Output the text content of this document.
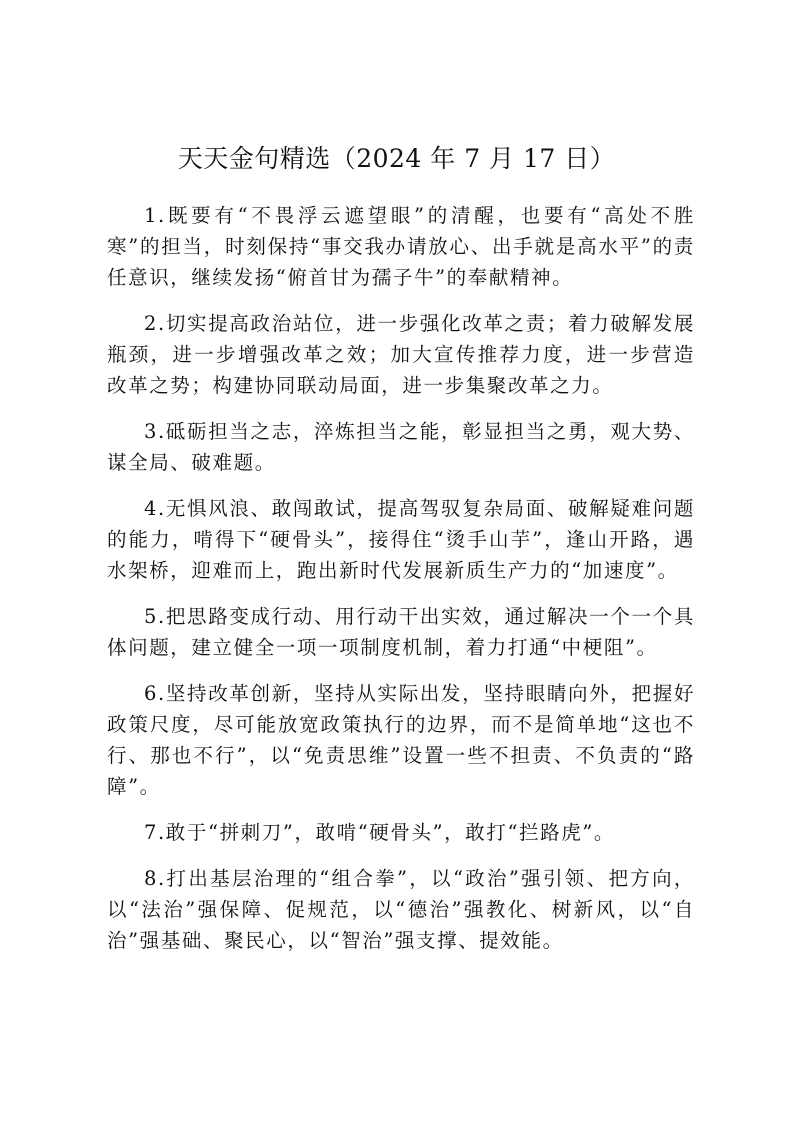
天天金句精选（2024 年 7 月 17 日）

1.既要有“不畏浮云遮望眼”的清醒，也要有“高处不胜寒”的担当，时刻保持“事交我办请放心、出手就是高水平”的责任意识，继续发扬“俯首甘为孺子牛”的奉献精神。

2.切实提高政治站位，进一步强化改革之责；着力破解发展瓶颈，进一步增强改革之效；加大宣传推荐力度，进一步营造改革之势；构建协同联动局面，进一步集聚改革之力。

3.砥砺担当之志，淬炼担当之能，彰显担当之勇，观大势、谋全局、破难题。

4.无惧风浪、敢闯敢试，提高驾驭复杂局面、破解疑难问题的能力，啃得下“硬骨头”，接得住“烫手山芋”，逢山开路，遇水架桥，迎难而上，跑出新时代发展新质生产力的“加速度”。

5.把思路变成行动、用行动干出实效，通过解决一个一个具体问题，建立健全一项一项制度机制，着力打通“中梗阻”。

6.坚持改革创新，坚持从实际出发，坚持眼睛向外，把握好政策尺度，尽可能放宽政策执行的边界，而不是简单地“这也不行、那也不行”，以“免责思维”设置一些不担责、不负责的“路障”。

7.敢于“拼刺刀”，敢啃“硬骨头”，敢打“拦路虎”。

8.打出基层治理的“组合拳”，以“政治”强引领、把方向，以“法治”强保障、促规范，以“德治”强教化、树新风，以“自治”强基础、聚民心，以“智治”强支撑、提效能。
